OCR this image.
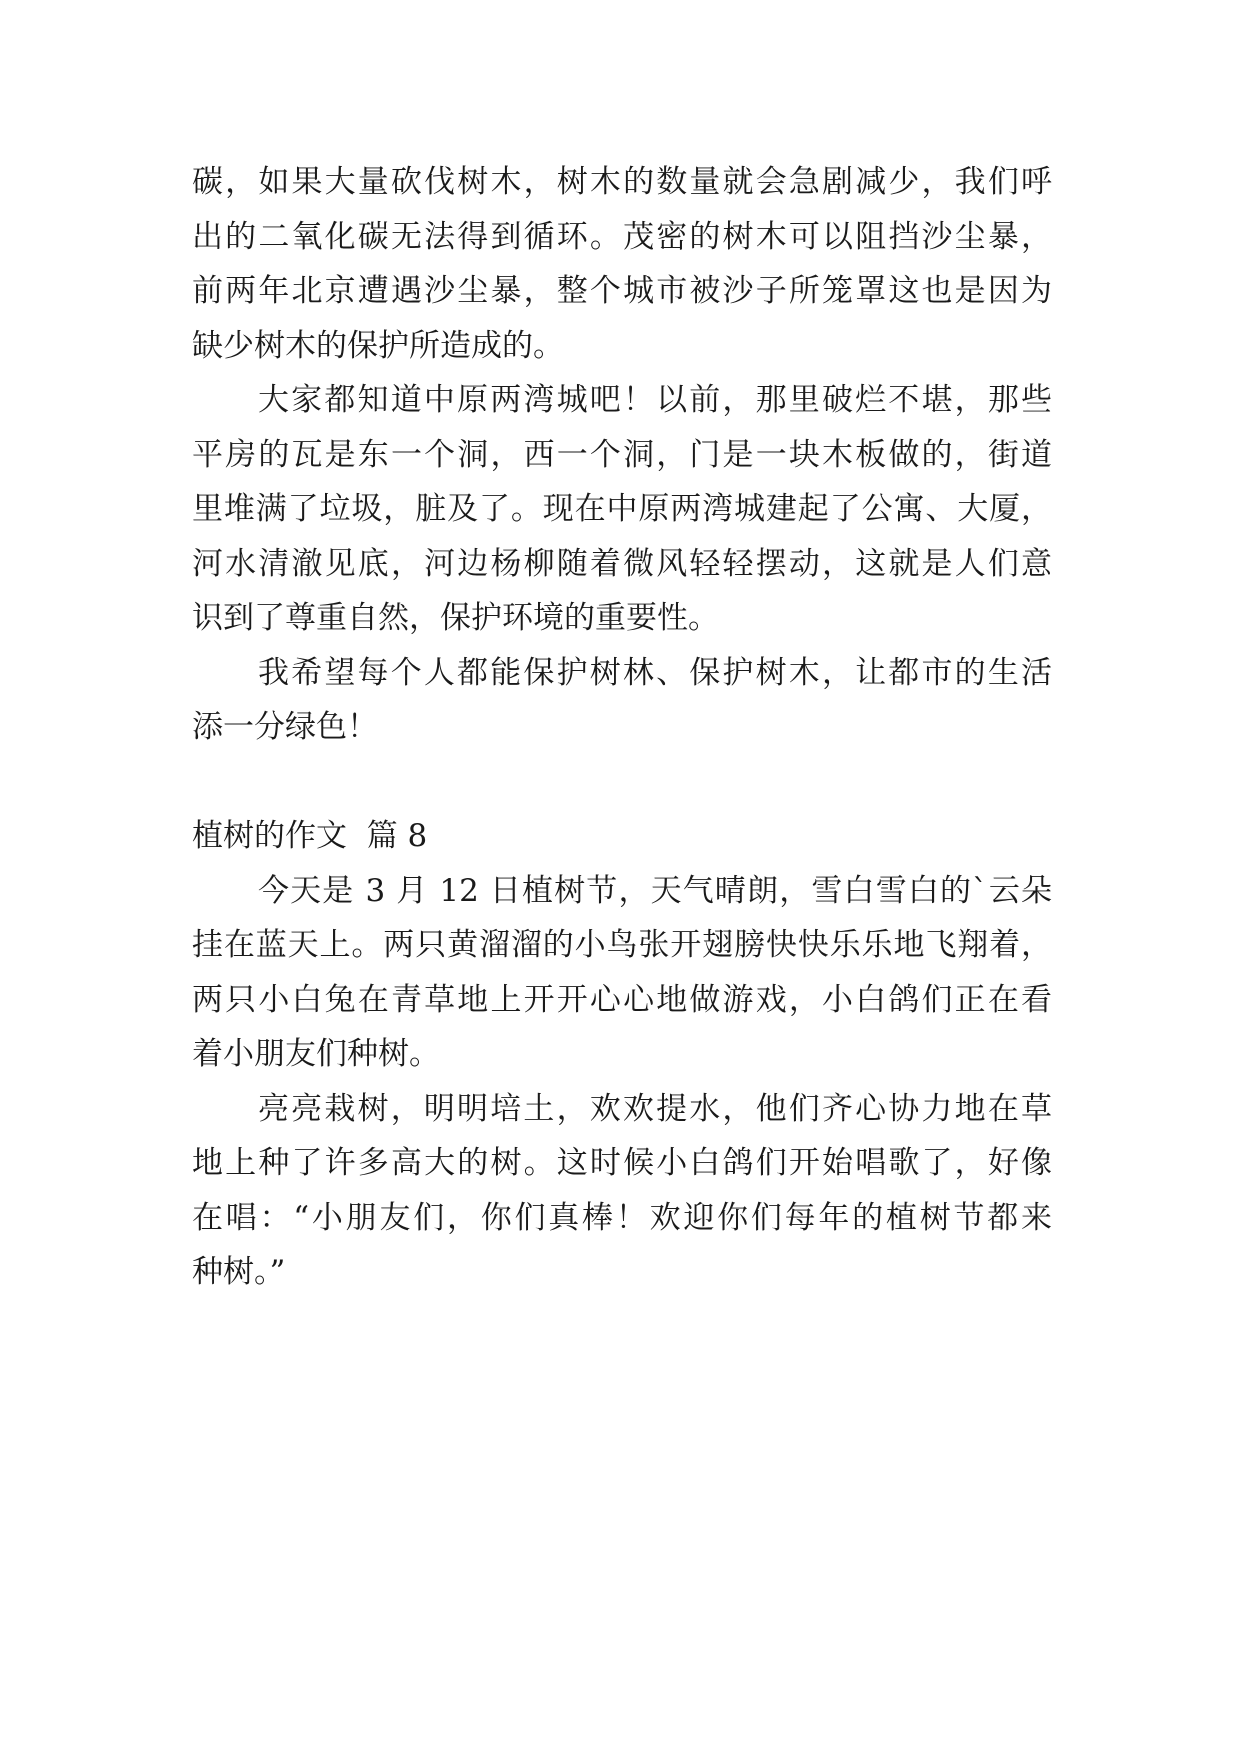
碳，如果大量砍伐树木，树木的数量就会急剧减少，我们呼
出的二氧化碳无法得到循环。茂密的树木可以阻挡沙尘暴，
前两年北京遭遇沙尘暴，整个城市被沙子所笼罩这也是因为
缺少树木的保护所造成的。
大家都知道中原两湾城吧！以前，那里破烂不堪，那些
平房的瓦是东一个洞，西一个洞，门是一块木板做的，街道
里堆满了垃圾，脏及了。现在中原两湾城建起了公寓、大厦，
河水清澈见底，河边杨柳随着微风轻轻摆动，这就是人们意
识到了尊重自然，保护环境的重要性。
我希望每个人都能保护树林、保护树木，让都市的生活
添一分绿色！
植树的作文  篇 8
今天是 3 月 12 日植树节，天气晴朗，雪白雪白的`云朵
挂在蓝天上。两只黄溜溜的小鸟张开翅膀快快乐乐地飞翔着，
两只小白兔在青草地上开开心心地做游戏，小白鸽们正在看
着小朋友们种树。
亮亮栽树，明明培土，欢欢提水，他们齐心协力地在草
地上种了许多高大的树。这时候小白鸽们开始唱歌了，好像
在唱：“小朋友们，你们真棒！欢迎你们每年的植树节都来
种树。”
